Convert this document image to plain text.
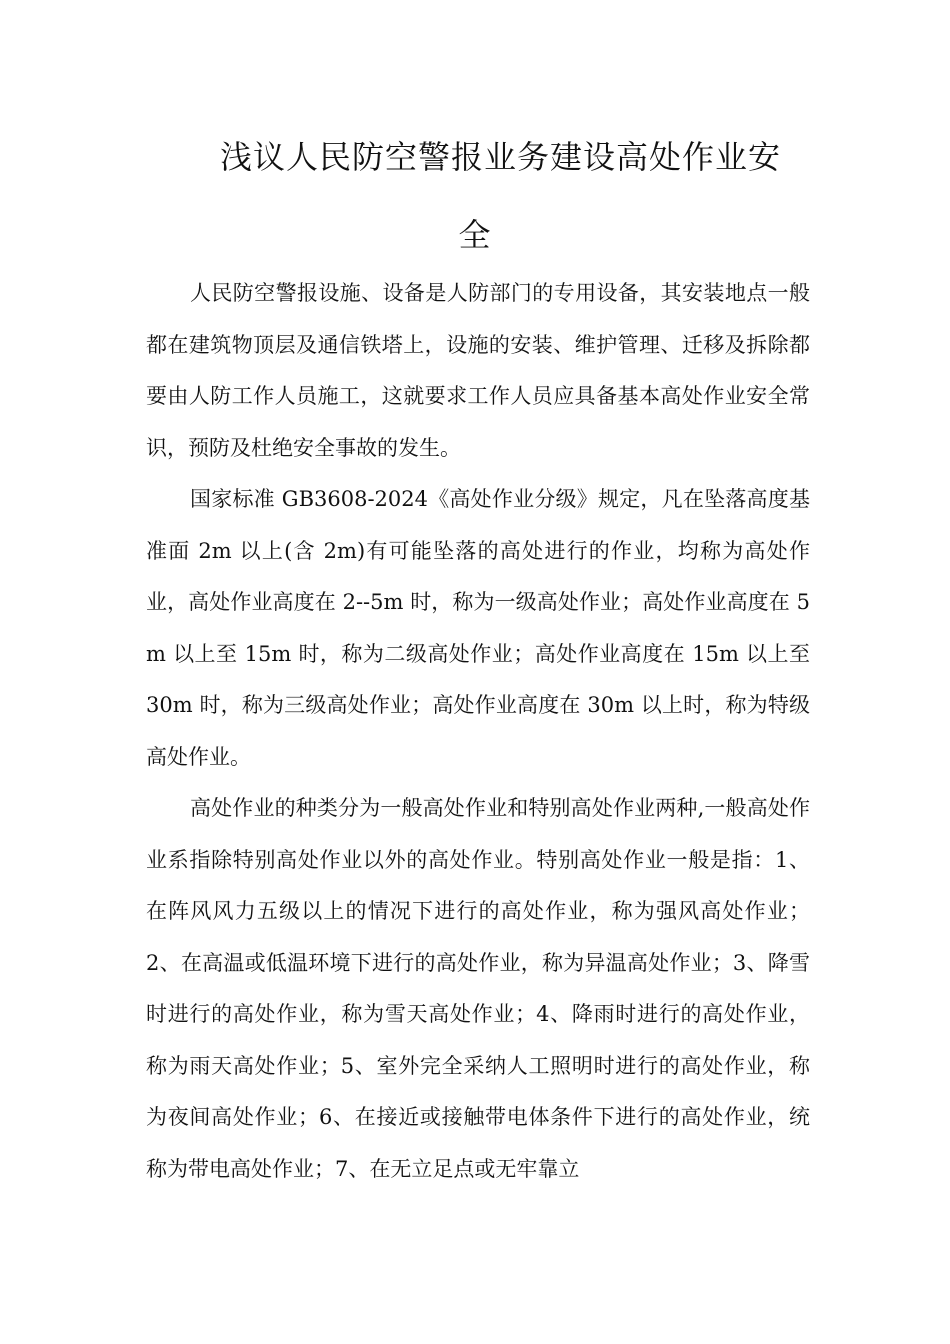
浅议人民防空警报业务建设高处作业安
全

人民防空警报设施、设备是人防部门的专用设备，其安装地点一般都在建筑物顶层及通信铁塔上，设施的安装、维护管理、迁移及拆除都要由人防工作人员施工，这就要求工作人员应具备基本高处作业安全常识，预防及杜绝安全事故的发生。

国家标准 GB3608-2024《高处作业分级》规定，凡在坠落高度基准面 2m 以上(含 2m)有可能坠落的高处进行的作业，均称为高处作业，高处作业高度在 2--5m 时，称为一级高处作业；高处作业高度在 5m 以上至 15m 时，称为二级高处作业；高处作业高度在 15m 以上至 30m 时，称为三级高处作业；高处作业高度在 30m 以上时，称为特级高处作业。

高处作业的种类分为一般高处作业和特别高处作业两种,一般高处作业系指除特别高处作业以外的高处作业。特别高处作业一般是指：1、在阵风风力五级以上的情况下进行的高处作业，称为强风高处作业；2、在高温或低温环境下进行的高处作业，称为异温高处作业；3、降雪时进行的高处作业，称为雪天高处作业；4、降雨时进行的高处作业，称为雨天高处作业；5、室外完全采纳人工照明时进行的高处作业，称为夜间高处作业；6、在接近或接触带电体条件下进行的高处作业，统称为带电高处作业；7、在无立足点或无牢靠立
